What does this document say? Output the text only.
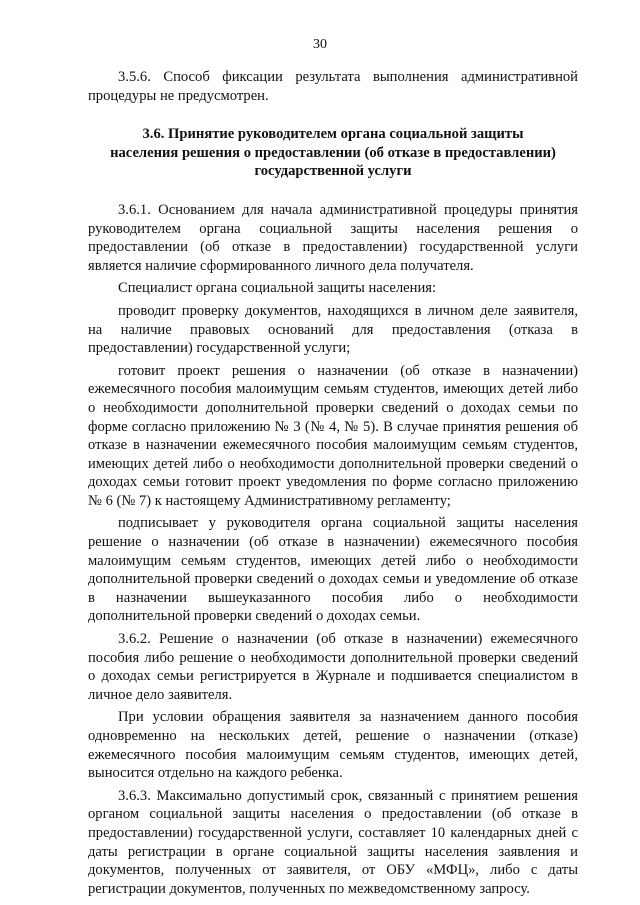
30

3.5.6. Способ фиксации результата выполнения административной процедуры не предусмотрен.

3.6. Принятие руководителем органа социальной защиты
населения решения о предоставлении (об отказе в предоставлении)
государственной услуги

3.6.1. Основанием для начала административной процедуры принятия руководителем органа социальной защиты населения решения о предоставлении (об отказе в предоставлении) государственной услуги является наличие сформированного личного дела получателя.

Специалист органа социальной защиты населения:

проводит проверку документов, находящихся в личном деле заявителя, на наличие правовых оснований для предоставления (отказа в предоставлении) государственной услуги;

готовит проект решения о назначении (об отказе в назначении) ежемесячного пособия малоимущим семьям студентов, имеющих детей либо о необходимости дополнительной проверки сведений о доходах семьи по форме согласно приложению № 3 (№ 4, № 5). В случае принятия решения об отказе в назначении ежемесячного пособия малоимущим семьям студентов, имеющих детей либо о необходимости дополнительной проверки сведений о доходах семьи готовит проект уведомления по форме согласно приложению № 6 (№ 7) к настоящему Административному регламенту;

подписывает у руководителя органа социальной защиты населения решение о назначении (об отказе в назначении) ежемесячного пособия малоимущим семьям студентов, имеющих детей либо о необходимости дополнительной проверки сведений о доходах семьи и уведомление об отказе в назначении вышеуказанного пособия либо о необходимости дополнительной проверки сведений о доходах семьи.

3.6.2. Решение о назначении (об отказе в назначении) ежемесячного пособия либо решение о необходимости дополнительной проверки сведений о доходах семьи регистрируется в Журнале и подшивается специалистом в личное дело заявителя.

При условии обращения заявителя за назначением данного пособия одновременно на нескольких детей, решение о назначении (отказе) ежемесячного пособия малоимущим семьям студентов, имеющих детей, выносится отдельно на каждого ребенка.

3.6.3. Максимально допустимый срок, связанный с принятием решения органом социальной защиты населения о предоставлении (об отказе в предоставлении) государственной услуги, составляет 10 календарных дней с даты регистрации в органе социальной защиты населения заявления и документов, полученных от заявителя, от ОБУ «МФЦ», либо с даты регистрации документов, полученных по межведомственному запросу.
